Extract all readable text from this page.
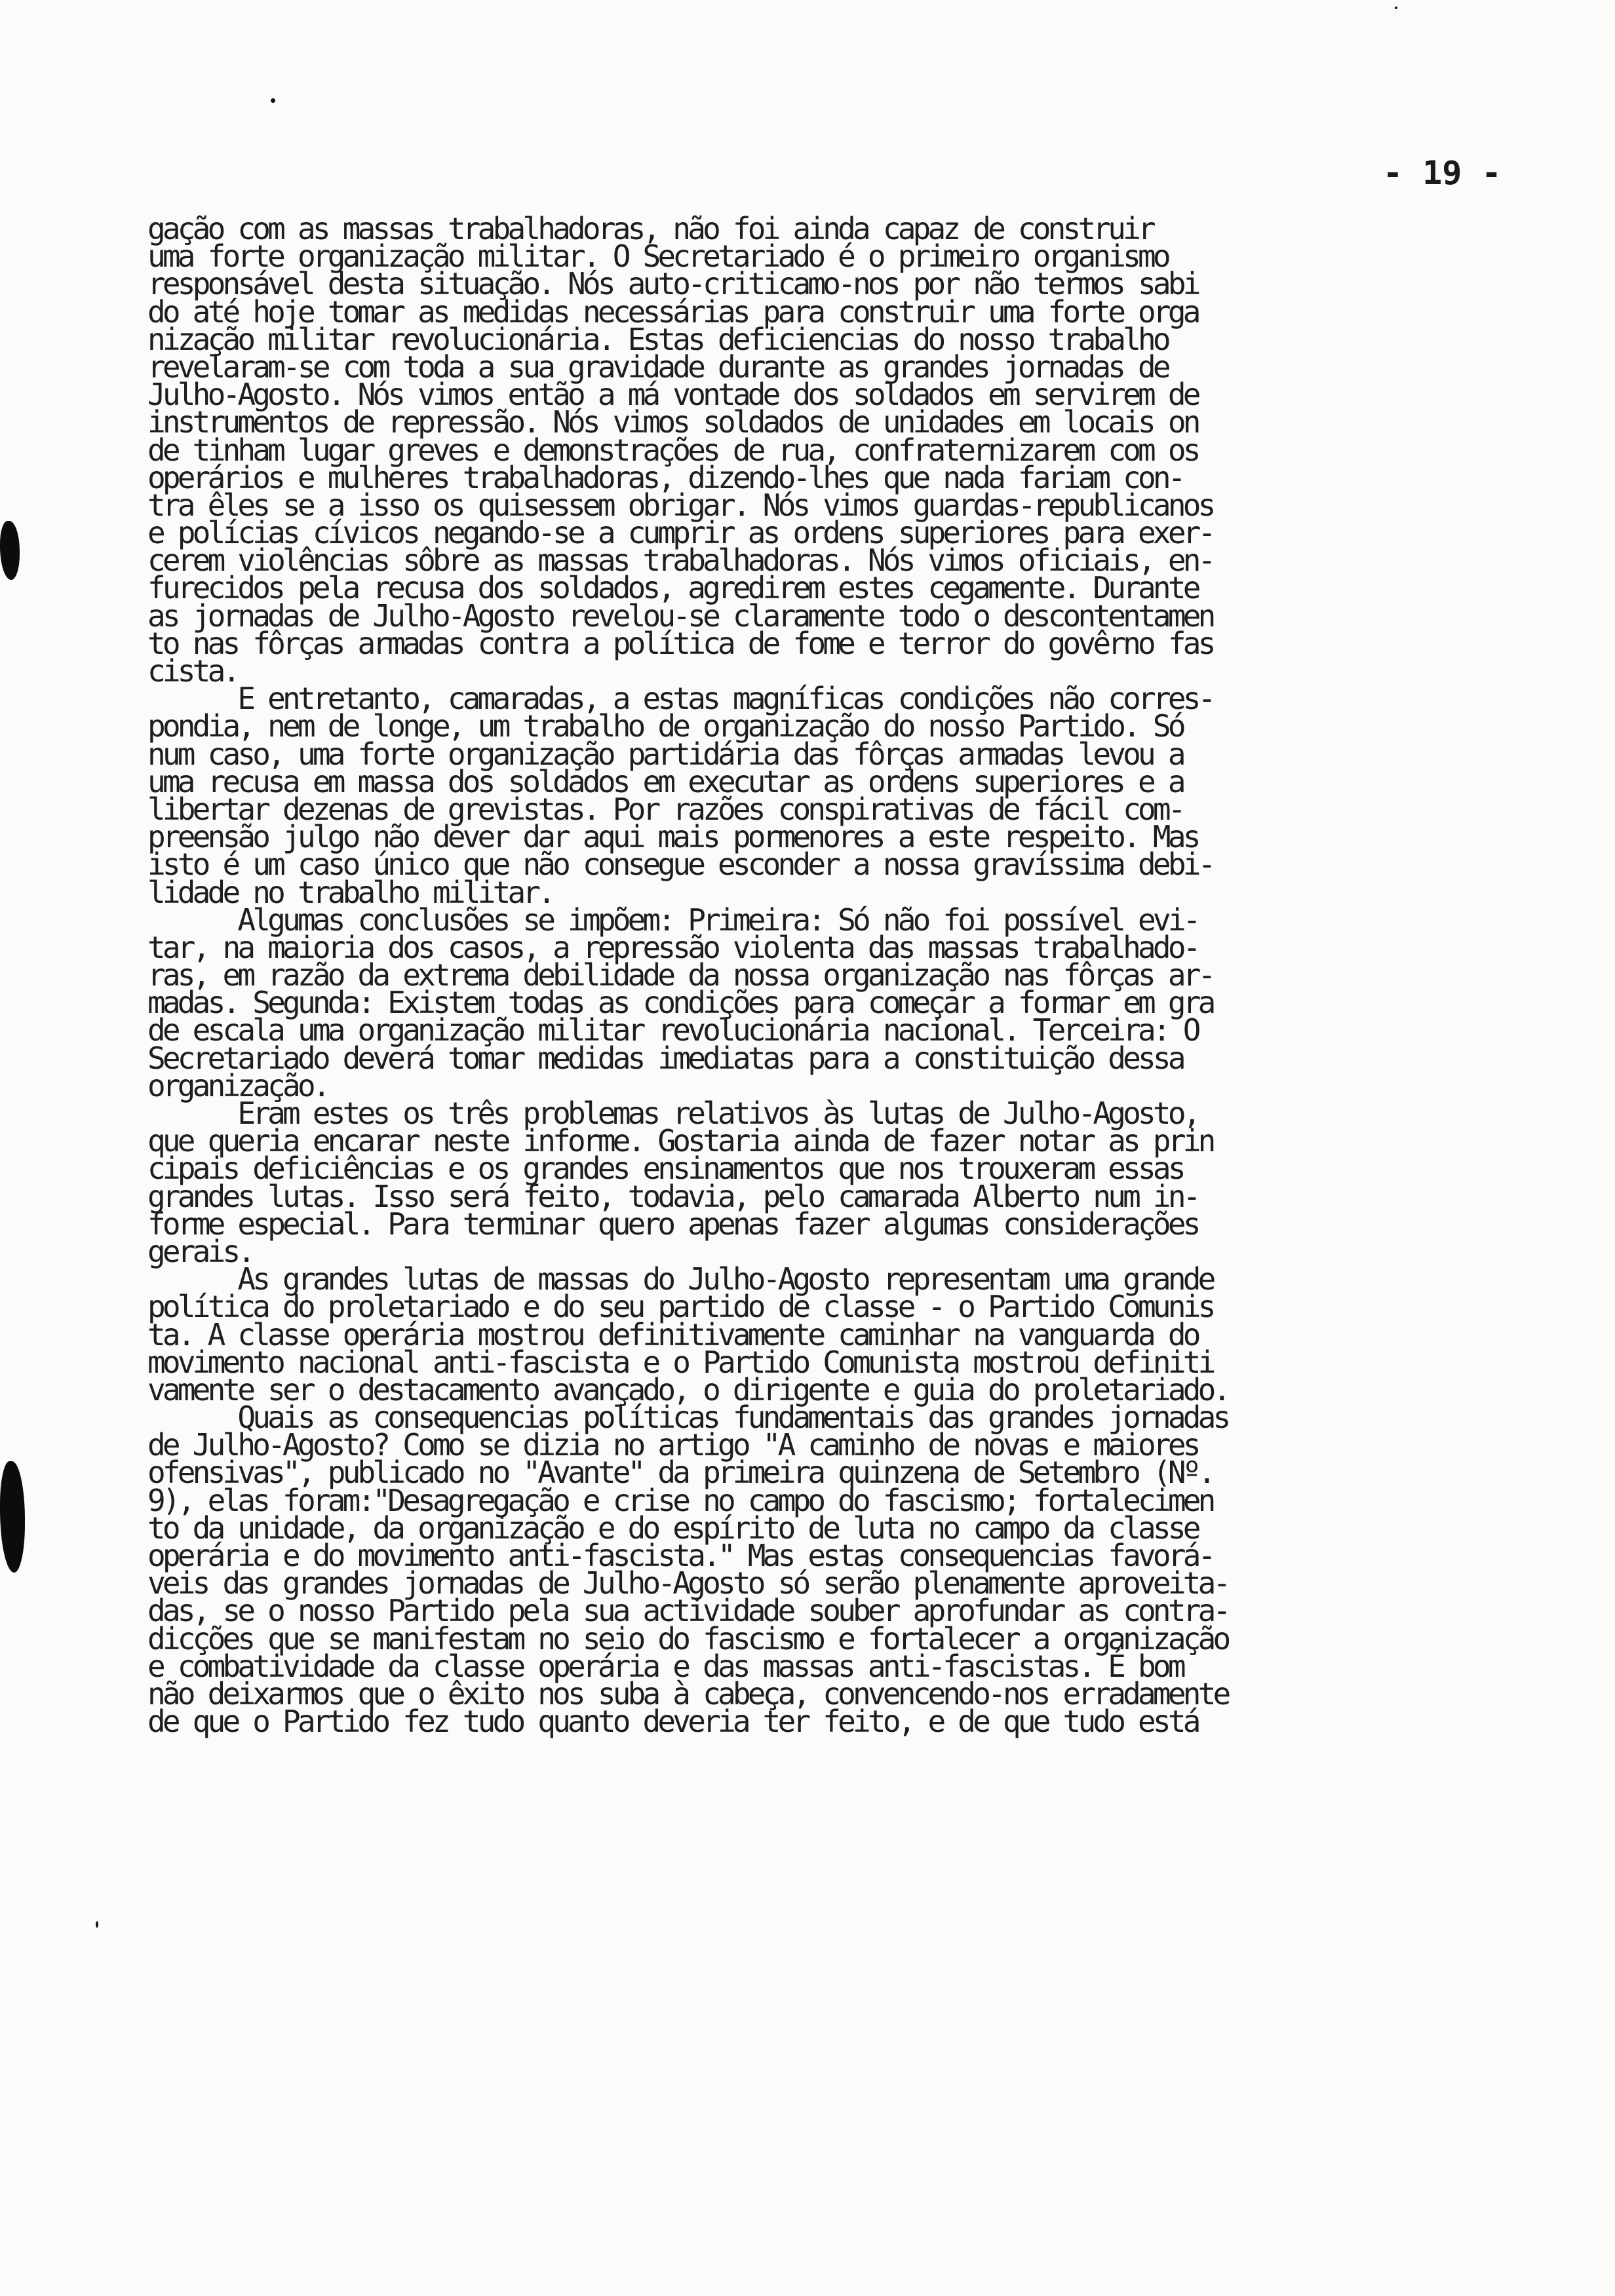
- 19 -
gação com as massas trabalhadoras, não foi ainda capaz de construir
uma forte organização militar. O Secretariado é o primeiro organismo
responsável desta situação. Nós auto-criticamo-nos por não termos sabi
do até hoje tomar as medidas necessárias para construir uma forte orga
nização militar revolucionária. Estas deficiencias do nosso trabalho
revelaram-se com toda a sua gravidade durante as grandes jornadas de
Julho-Agosto. Nós vimos então a má vontade dos soldados em servirem de
instrumentos de repressão. Nós vimos soldados de unidades em locais on
de tinham lugar greves e demonstrações de rua, confraternizarem com os
operários e mulheres trabalhadoras, dizendo-lhes que nada fariam con-
tra êles se a isso os quisessem obrigar. Nós vimos guardas-republicanos
e polícias cívicos negando-se a cumprir as ordens superiores para exer-
cerem violências sôbre as massas trabalhadoras. Nós vimos oficiais, en-
furecidos pela recusa dos soldados, agredirem estes cegamente. Durante
as jornadas de Julho-Agosto revelou-se claramente todo o descontentamen
to nas fôrças armadas contra a política de fome e terror do govêrno fas
cista.
E entretanto, camaradas, a estas magníficas condições não corres-
pondia, nem de longe, um trabalho de organização do nosso Partido. Só
num caso, uma forte organização partidária das fôrças armadas levou a
uma recusa em massa dos soldados em executar as ordens superiores e a
libertar dezenas de grevistas. Por razões conspirativas de fácil com-
preensão julgo não dever dar aqui mais pormenores a este respeito. Mas
isto é um caso único que não consegue esconder a nossa gravíssima debi-
lidade no trabalho militar.
Algumas conclusões se impõem: Primeira: Só não foi possível evi-
tar, na maioria dos casos, a repressão violenta das massas trabalhado-
ras, em razão da extrema debilidade da nossa organização nas fôrças ar-
madas. Segunda: Existem todas as condições para começar a formar em gra
de escala uma organização militar revolucionária nacional. Terceira: O
Secretariado deverá tomar medidas imediatas para a constituição dessa
organização.
Eram estes os três problemas relativos às lutas de Julho-Agosto,
que queria encarar neste informe. Gostaria ainda de fazer notar as prin
cipais deficiências e os grandes ensinamentos que nos trouxeram essas
grandes lutas. Isso será feito, todavia, pelo camarada Alberto num in-
forme especial. Para terminar quero apenas fazer algumas considerações
gerais.
As grandes lutas de massas do Julho-Agosto representam uma grande
política do proletariado e do seu partido de classe - o Partido Comunis
ta. A classe operária mostrou definitivamente caminhar na vanguarda do
movimento nacional anti-fascista e o Partido Comunista mostrou definiti
vamente ser o destacamento avançado, o dirigente e guia do proletariado.
Quais as consequencias políticas fundamentais das grandes jornadas
de Julho-Agosto? Como se dizia no artigo "A caminho de novas e maiores
ofensivas", publicado no "Avante" da primeira quinzena de Setembro (Nº.
9), elas foram:"Desagregação e crise no campo do fascismo; fortalecimen
to da unidade, da organização e do espírito de luta no campo da classe
operária e do movimento anti-fascista." Mas estas consequencias favorá-
veis das grandes jornadas de Julho-Agosto só serão plenamente aproveita-
das, se o nosso Partido pela sua actividade souber aprofundar as contra-
dicções que se manifestam no seio do fascismo e fortalecer a organização
e combatividade da classe operária e das massas anti-fascistas. É bom
não deixarmos que o êxito nos suba à cabeça, convencendo-nos erradamente
de que o Partido fez tudo quanto deveria ter feito, e de que tudo está
